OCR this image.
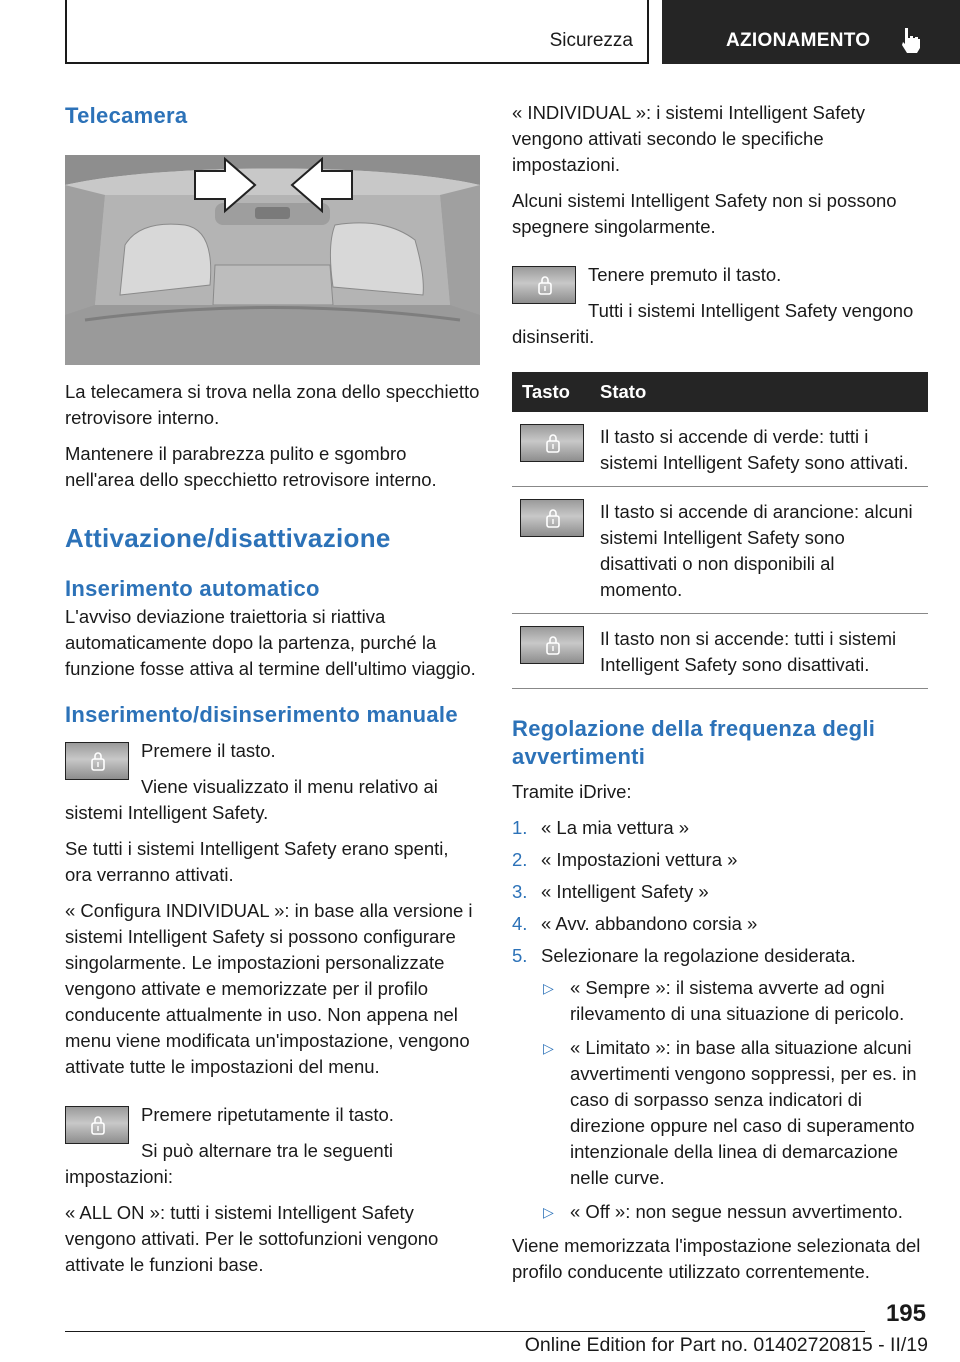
Sicurezza	AZIONAMENTO
Telecamera

La telecamera si trova nella zona dello specchietto retrovisore interno.

Mantenere il parabrezza pulito e sgombro nell'area dello specchietto retrovisore interno.

Attivazione/disattivazione
Inserimento automatico

L'avviso deviazione traiettoria si riattiva automaticamente dopo la partenza, purché la funzione fosse attiva al termine dell'ultimo viaggio.

Inserimento/disinserimento manuale

Premere il tasto.

Viene visualizzato il menu relativo ai sistemi Intelligent Safety.

Se tutti i sistemi Intelligent Safety erano spenti, ora verranno attivati.

« Configura INDIVIDUAL »: in base alla versione i sistemi Intelligent Safety si possono configurare singolarmente. Le impostazioni personalizzate vengono attivate e memorizzate per il profilo conducente attualmente in uso. Non appena nel menu viene modificata un'impostazione, vengono attivate tutte le impostazioni del menu.

Premere ripetutamente il tasto.

Si può alternare tra le seguenti impostazioni:

« ALL ON »: tutti i sistemi Intelligent Safety vengono attivati. Per le sottofunzioni vengono attivate le funzioni base.

« INDIVIDUAL »: i sistemi Intelligent Safety vengono attivati secondo le specifiche impostazioni.

Alcuni sistemi Intelligent Safety non si possono spegnere singolarmente.

Tenere premuto il tasto.

Tutti i sistemi Intelligent Safety vengono disinseriti.

Tasto	Stato

	Il tasto si accende di verde: tutti i sistemi Intelligent Safety sono attivati.

	Il tasto si accende di arancione: alcuni sistemi Intelligent Safety sono disattivati o non disponibili al momento.

	Il tasto non si accende: tutti i sistemi Intelligent Safety sono disattivati.
Regolazione della frequenza degli avvertimenti

Tramite iDrive:

1. « La mia vettura »
2. « Impostazioni vettura »
3. « Intelligent Safety »
4. « Avv. abbandono corsia »
5. Selezionare la regolazione desiderata.
▷ « Sempre »: il sistema avverte ad ogni rilevamento di una situazione di pericolo.
▷ « Limitato »: in base alla situazione alcuni avvertimenti vengono soppressi, per es. in caso di sorpasso senza indicatori di direzione oppure nel caso di superamento intenzionale della linea di demarcazione nelle curve.
▷ « Off »: non segue nessun avvertimento.

Viene memorizzata l'impostazione selezionata del profilo conducente utilizzato correntemente.

195
Online Edition for Part no. 01402720815 - II/19
